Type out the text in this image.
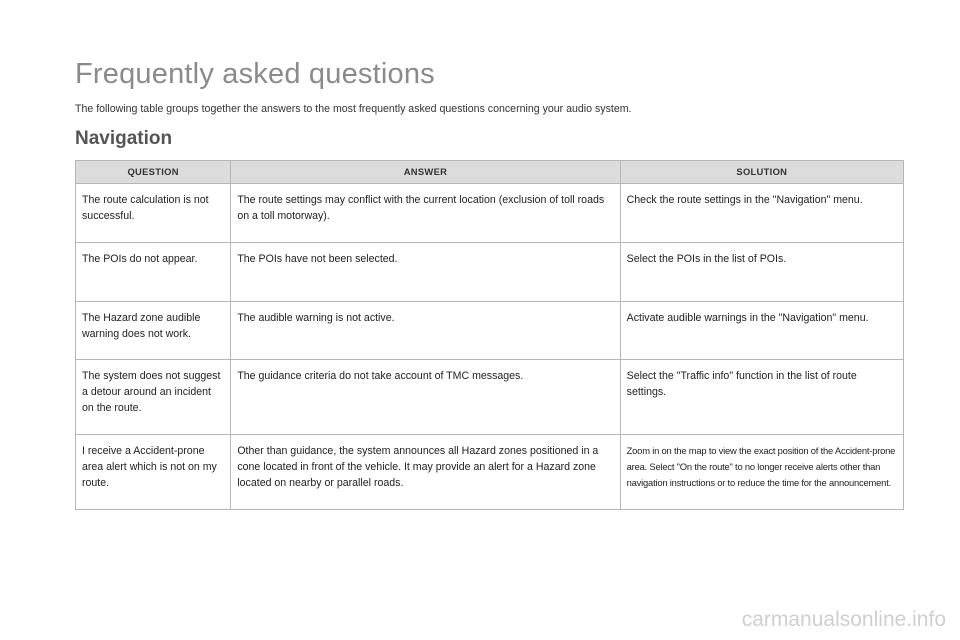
Frequently asked questions
The following table groups together the answers to the most frequently asked questions concerning your audio system.
Navigation
QUESTION	ANSWER	SOLUTION
The route calculation is not successful.	The route settings may conflict with the current location (exclusion of toll roads on a toll motorway).	Check the route settings in the "Navigation" menu.
The POIs do not appear.	The POIs have not been selected.	Select the POIs in the list of POIs.
The Hazard zone audible warning does not work.	The audible warning is not active.	Activate audible warnings in the "Navigation" menu.
The system does not suggest a detour around an incident on the route.	The guidance criteria do not take account of TMC messages.	Select the "Traffic info" function in the list of route settings.
I receive a Accident-prone area alert which is not on my route.	Other than guidance, the system announces all Hazard zones positioned in a cone located in front of the vehicle. It may provide an alert for a Hazard zone located on nearby or parallel roads.	Zoom in on the map to view the exact position of the Accident-prone area. Select "On the route" to no longer receive alerts other than navigation instructions or to reduce the time for the announcement.
carmanualsonline.info
